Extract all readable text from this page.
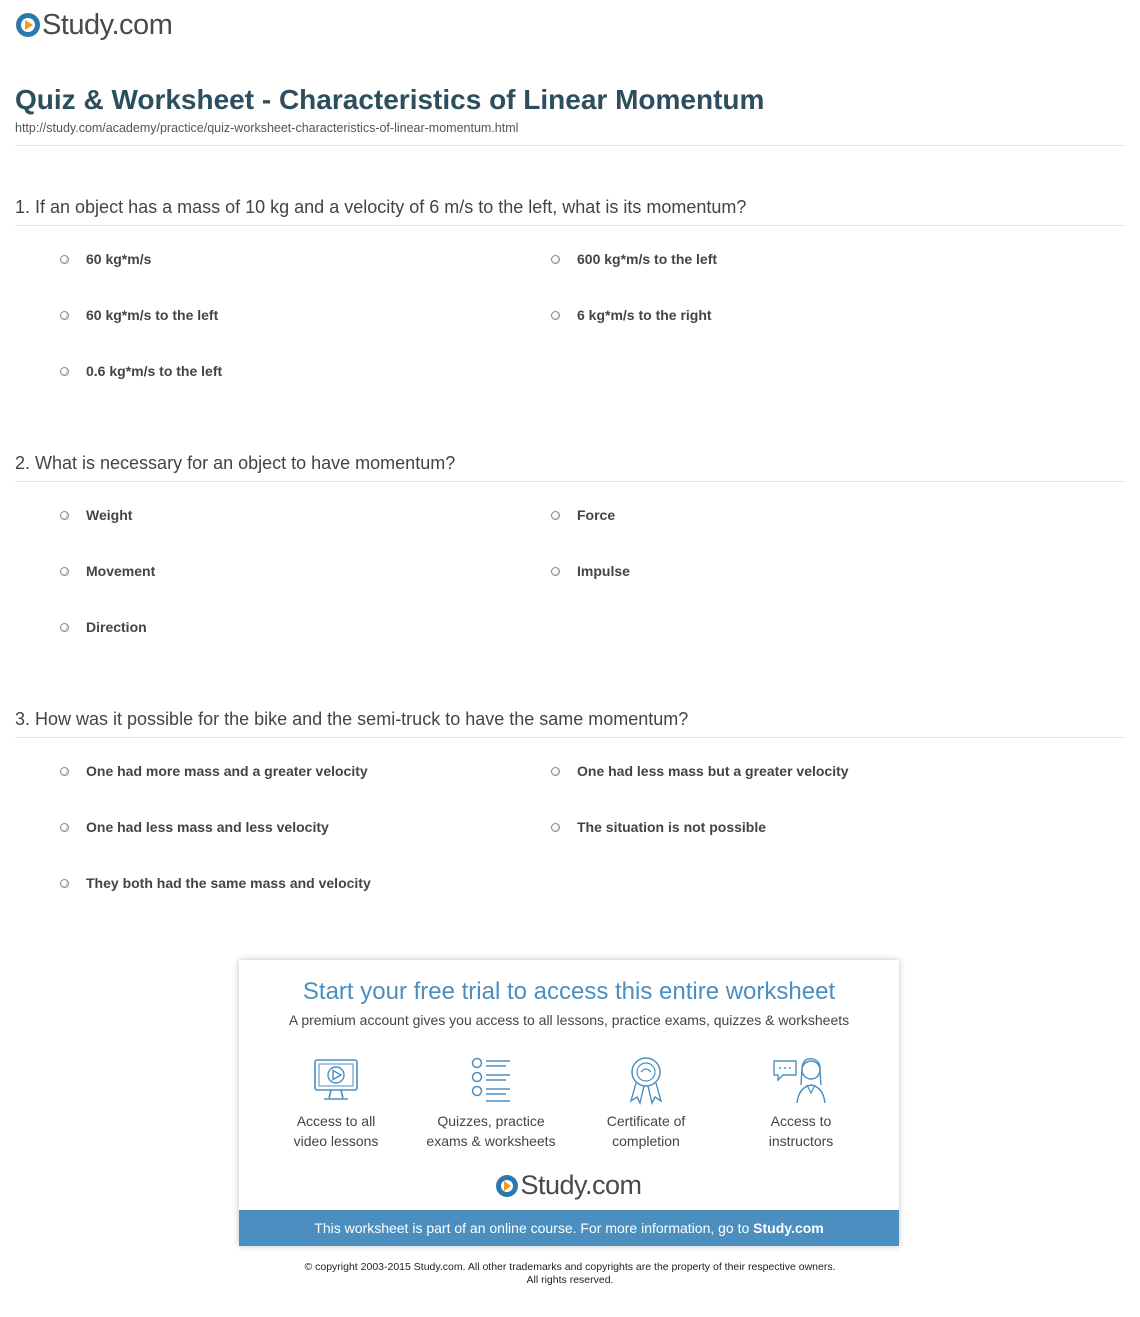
Study.com
Quiz & Worksheet - Characteristics of Linear Momentum
http://study.com/academy/practice/quiz-worksheet-characteristics-of-linear-momentum.html
1. If an object has a mass of 10 kg and a velocity of 6 m/s to the left, what is its momentum?
60 kg*m/s	600 kg*m/s to the left
60 kg*m/s to the left	6 kg*m/s to the right
0.6 kg*m/s to the left
2. What is necessary for an object to have momentum?
Weight	Force
Movement	Impulse
Direction
3. How was it possible for the bike and the semi-truck to have the same momentum?
One had more mass and a greater velocity	One had less mass but a greater velocity
One had less mass and less velocity	The situation is not possible
They both had the same mass and velocity
Start your free trial to access this entire worksheet
A premium account gives you access to all lessons, practice exams, quizzes & worksheets
Access to all
video lessons
Quizzes, practice
exams & worksheets
Certificate of
completion
Access to
instructors
Study.com
This worksheet is part of an online course. For more information, go to Study.com
© copyright 2003-2015 Study.com. All other trademarks and copyrights are the property of their respective owners.
All rights reserved.
